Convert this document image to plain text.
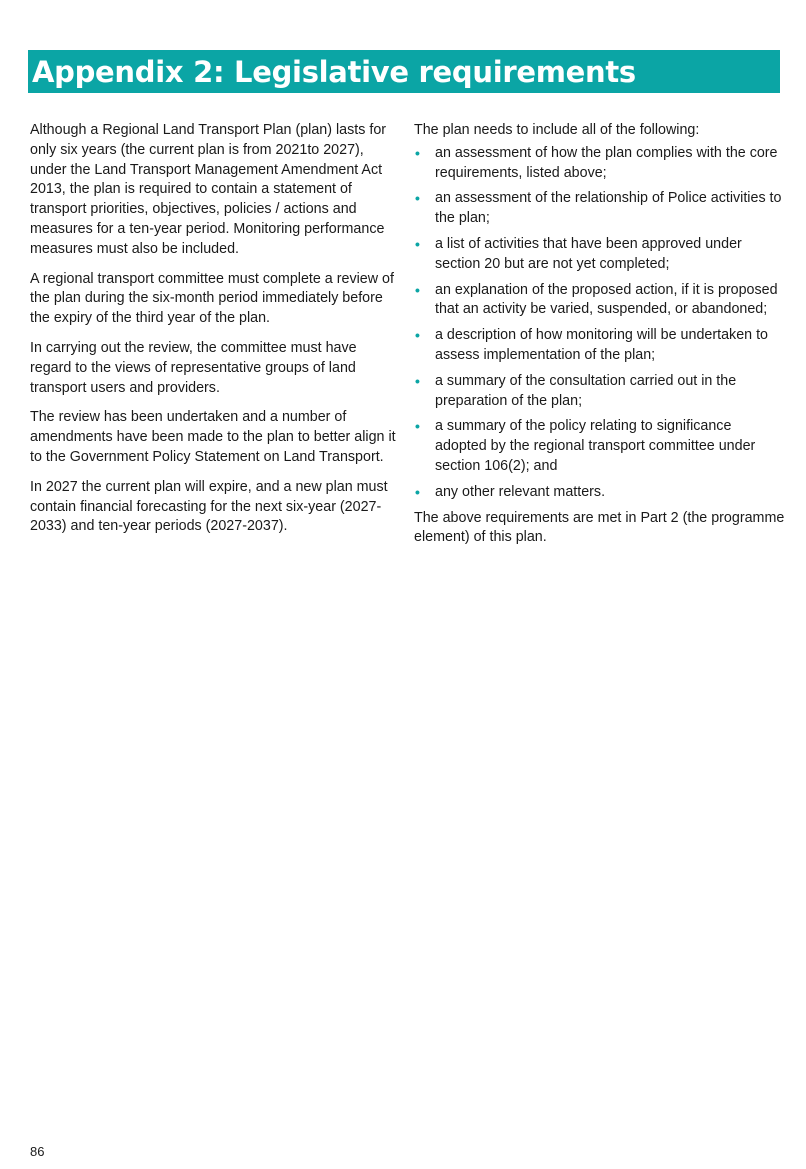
Appendix 2: Legislative requirements

Although a Regional Land Transport Plan (plan) lasts for only six years (the current plan is from 2021to 2027), under the Land Transport Management Amendment Act 2013, the plan is required to contain a statement of transport priorities, objectives, policies / actions and measures for a ten-year period. Monitoring performance measures must also be included.

A regional transport committee must complete a review of the plan during the six-month period immediately before the expiry of the third year of the plan.

In carrying out the review, the committee must have regard to the views of representative groups of land transport users and providers.

The review has been undertaken and a number of amendments have been made to the plan to better align it to the Government Policy Statement on Land Transport.

In 2027 the current plan will expire, and a new plan must contain financial forecasting for the next six-year (2027-2033) and ten-year periods (2027-2037).

The plan needs to include all of the following:

• an assessment of how the plan complies with the core requirements, listed above;
• an assessment of the relationship of Police activities to the plan;
• a list of activities that have been approved under section 20 but are not yet completed;
• an explanation of the proposed action, if it is proposed that an activity be varied, suspended, or abandoned;
• a description of how monitoring will be undertaken to assess implementation of the plan;
• a summary of the consultation carried out in the preparation of the plan;
• a summary of the policy relating to significance adopted by the regional transport committee under section 106(2); and
• any other relevant matters.

The above requirements are met in Part 2 (the programme element) of this plan.

86
